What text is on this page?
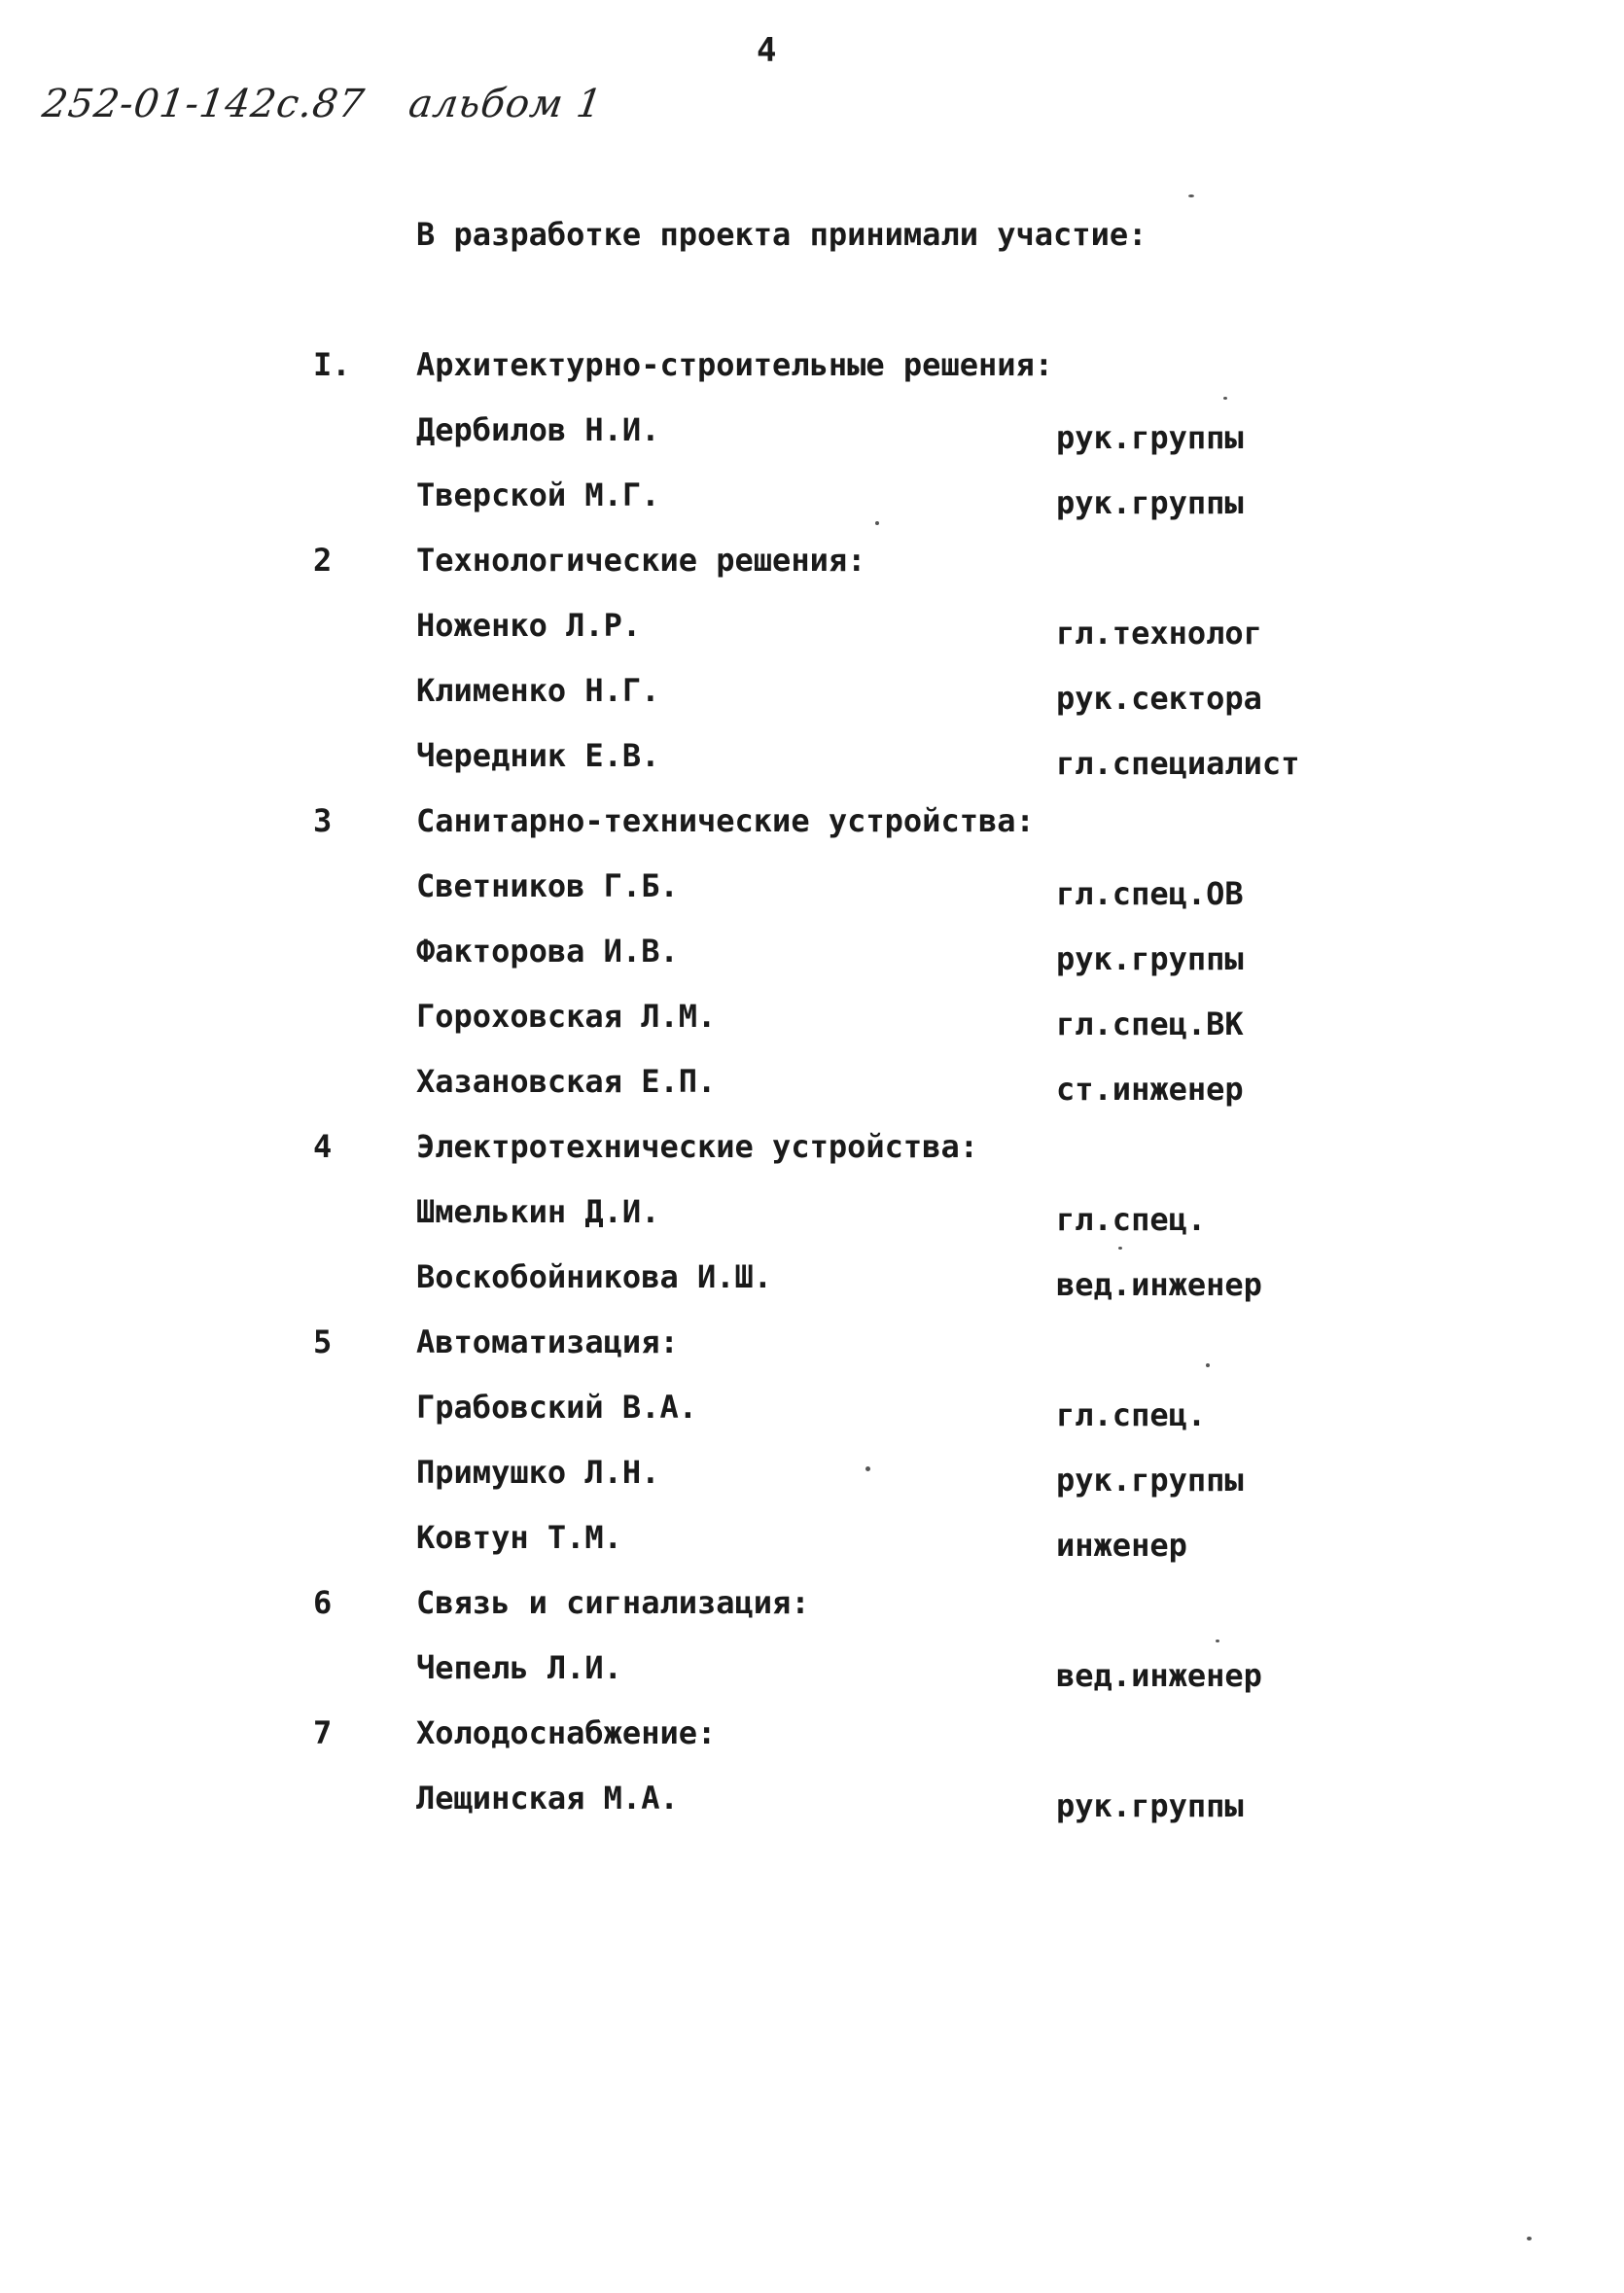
4
252-01-142с.87 альбом 1
В разработке проекта принимали участие:
I. Архитектурно-строительные решения:
Дербилов Н.И.	рук.группы
Тверской М.Г.	рук.группы
2	Технологические решения:
Ноженко Л.Р.	гл.технолог
Клименко Н.Г.	рук.сектора
Чередник Е.В.	гл.специалист
3	Санитарно-технические устройства:
Светников Г.Б.	гл.спец.ОВ
Факторова И.В.	рук.группы
Гороховская Л.М.	гл.спец.ВК
Хазановская Е.П.	ст.инженер
4	Электротехнические устройства:
Шмелькин Д.И.	гл.спец.
Воскобойникова И.Ш.	вед.инженер
5	Автоматизация:
Грабовский В.А.	гл.спец.
Примушко Л.Н.	рук.группы
Ковтун Т.М.	инженер
6	Связь и сигнализация:
Чепель Л.И.	вед.инженер
7	Холодоснабжение:
Лещинская М.А.	рук.группы
